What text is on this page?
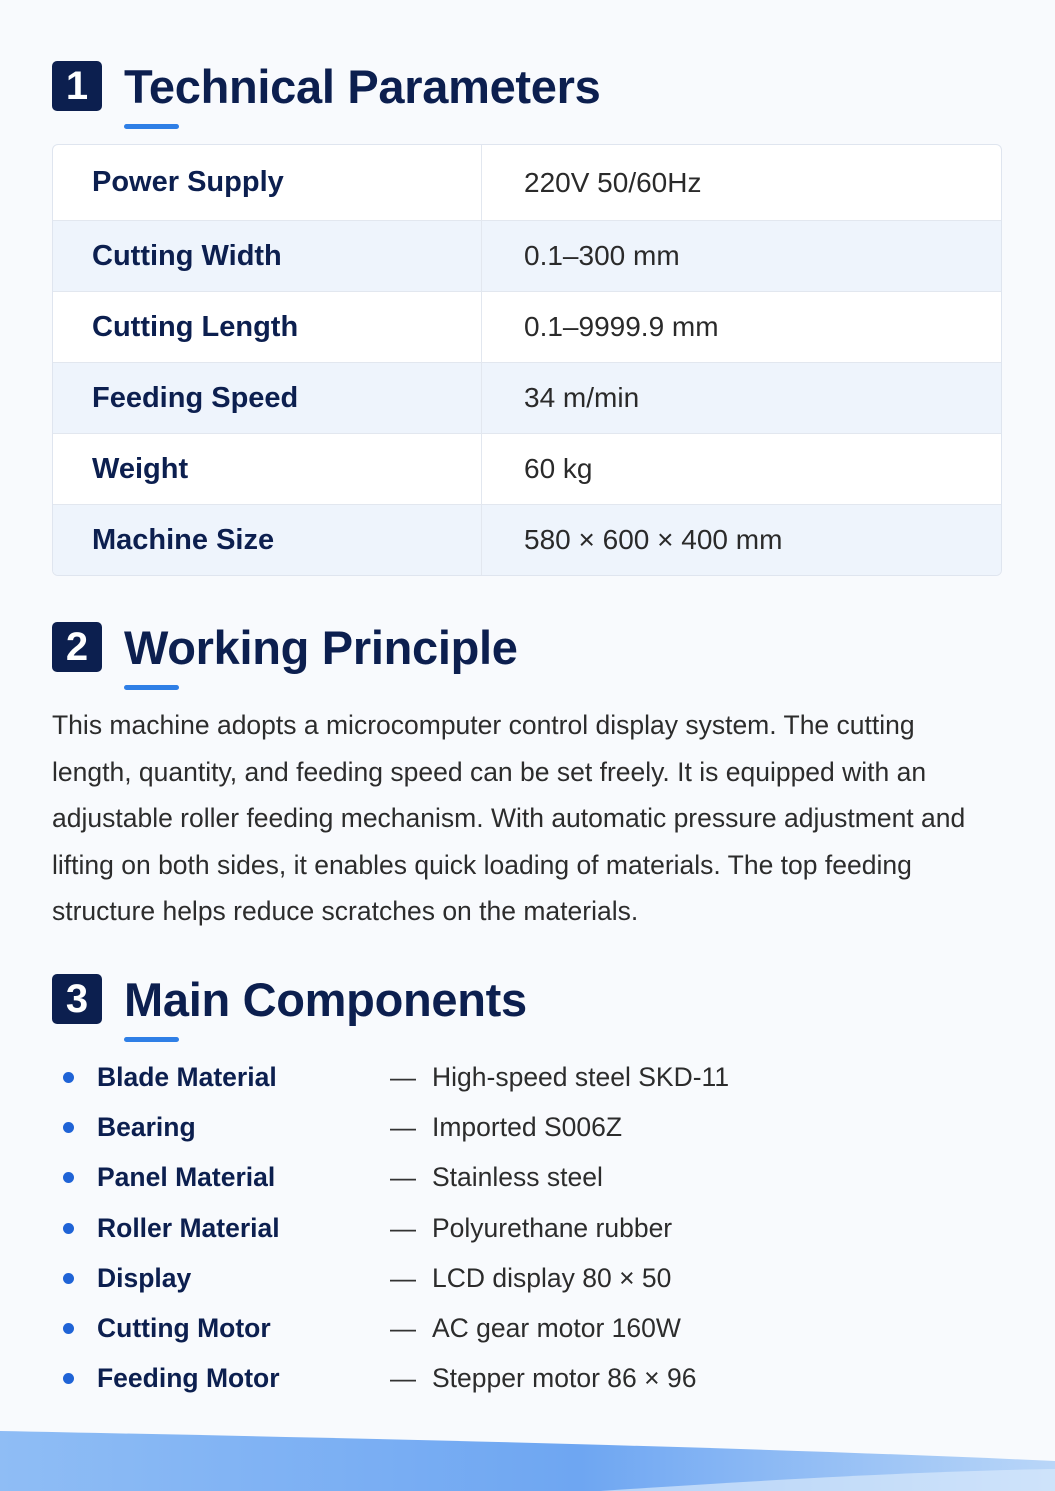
1 Technical Parameters
Power Supply	220V 50/60Hz
Cutting Width	0.1–300 mm
Cutting Length	0.1–9999.9 mm
Feeding Speed	34 m/min
Weight	60 kg
Machine Size	580 × 600 × 400 mm
2 Working Principle

This machine adopts a microcomputer control display system. The cutting length, quantity, and feeding speed can be set freely. It is equipped with an adjustable roller feeding mechanism. With automatic pressure adjustment and lifting on both sides, it enables quick loading of materials. The top feeding structure helps reduce scratches on the materials.

3 Main Components
Blade Material	— High-speed steel SKD-11
Bearing	— Imported S006Z
Panel Material	— Stainless steel
Roller Material	— Polyurethane rubber
Display	— LCD display 80 × 50
Cutting Motor	— AC gear motor 160W
Feeding Motor	— Stepper motor 86 × 96
